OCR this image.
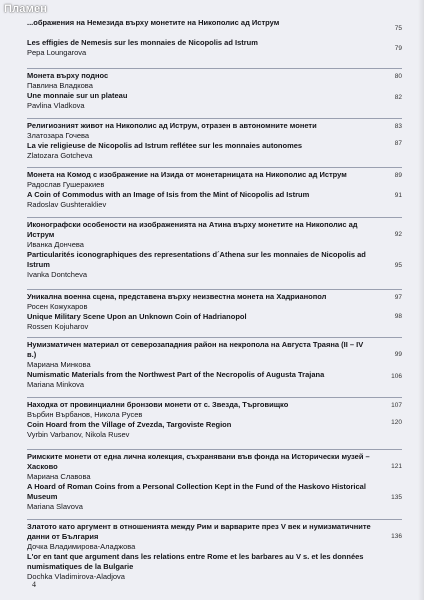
...ображения на Немезида върху монетите на Никополис ад Иструм
75
Les effigies de Nemesis sur les monnaies de Nicopolis ad Istrum
79
Pepa Loungarova
Монета върху поднос	80
Павлина Владкова
Une monnaie sur un plateau	82
Pavlina Vladkova
Религиозният живот на Никополис ад Иструм, отразен в автономните монети	83
Златозара Гочева
La vie religieuse de Nicopolis ad Istrum reflétee sur les monnaies autonomes	87
Zlatozara Gotcheva
Монета на Комод с изображение на Изида от монетарницата на Никополис ад Иструм	89
Радослав Гушеракиев
A Coin of Commodus with an Image of Isis from the Mint of Nicopolis ad Istrum	91
Radoslav Gushterakliev
Иконографски особености на изображенията на Атина върху монетите на Никополис ад Иструм	92
Иванка Дончева
Particularités iconographiques des representations d´Athena sur les monnaies de Nicopolis ad Istrum	95
Ivanka Dontcheva
Уникална военна сцена, представена върху неизвестна монета на Хадрианопол	97
Росен Кожухаров
Unique Military Scene Upon an Unknown Coin of Hadrianopol	98
Rossen Kojuharov
Нумизматичен материал от северозападния район на некропола на Августа Траяна (II – IV в.)	99
Мариана Минкова
Numismatic Materials from the Northwest Part of the Necropolis of Augusta Trajana	106
Mariana Minkova
Находка от провинциални бронзови монети от с. Звезда, Търговищко	107
Върбин Върбанов, Никола Русев
Coin Hoard from the Village of Zvezda, Targoviste Region	120
Vyrbin Varbanov, Nikola Rusev
Римските монети от една лична колекция, съхранявани във фонда на Исторически музей – Хасково	121
Мариана Славова
A Hoard of Roman Coins from a Personal Collection Kept in the Fund of the Haskovo Historical Museum	135
Mariana Slavova
Златото като аргумент в отношенията между Рим и варварите през V век и нумизматичните данни от България	136
Дочка Владимирова-Аладжова
L'or en tant que argument dans les relations entre Rome et les barbares au V s. et les données numismatiques de la Bulgarie
Dochka Vladimirova-Aladjova
4
Пламен
